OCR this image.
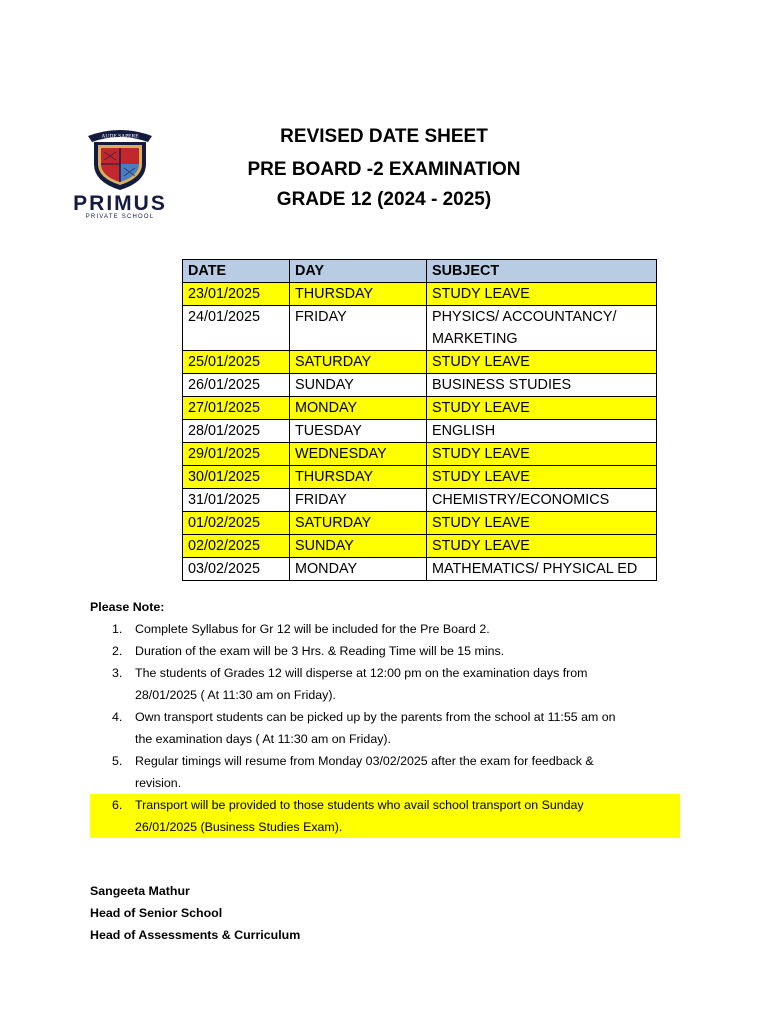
AUDE SAPERE
PRIMUS
PRIVATE SCHOOL
REVISED DATE SHEET
PRE BOARD -2 EXAMINATION
GRADE 12 (2024 - 2025)
DATE	DAY	SUBJECT
23/01/2025	THURSDAY	STUDY LEAVE
24/01/2025	FRIDAY	PHYSICS/ ACCOUNTANCY/
MARKETING

25/01/2025	SATURDAY	STUDY LEAVE
26/01/2025	SUNDAY	BUSINESS STUDIES
27/01/2025	MONDAY	STUDY LEAVE
28/01/2025	TUESDAY	ENGLISH
29/01/2025	WEDNESDAY	STUDY LEAVE
30/01/2025	THURSDAY	STUDY LEAVE
31/01/2025	FRIDAY	CHEMISTRY/ECONOMICS
01/02/2025	SATURDAY	STUDY LEAVE
02/02/2025	SUNDAY	STUDY LEAVE
03/02/2025	MONDAY	MATHEMATICS/ PHYSICAL ED

Please Note:

1. Complete Syllabus for Gr 12 will be included for the Pre Board 2.
2. Duration of the exam will be 3 Hrs. & Reading Time will be 15 mins.
3. The students of Grades 12 will disperse at 12:00 pm on the examination days from
28/01/2025 ( At 11:30 am on Friday).
4. Own transport students can be picked up by the parents from the school at 11:55 am on
the examination days ( At 11:30 am on Friday).
5. Regular timings will resume from Monday 03/02/2025 after the exam for feedback &
revision.
6. Transport will be provided to those students who avail school transport on Sunday
26/01/2025 (Business Studies Exam).
Sangeeta Mathur
Head of Senior School
Head of Assessments & Curriculum
